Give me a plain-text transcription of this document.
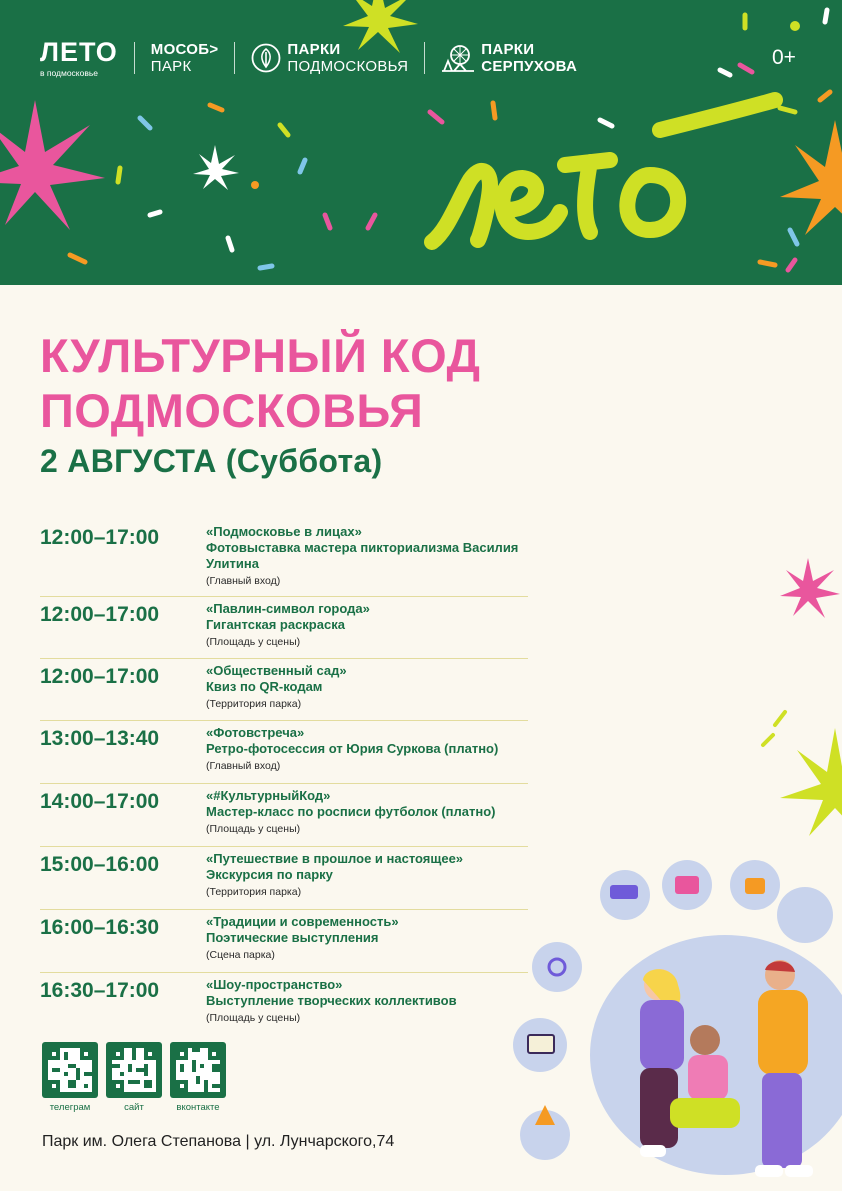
ЛЕТО
в подмосковье
МОСОБ>
ПАРК
ПАРКИ
ПОДМОСКОВЬЯ
ПАРКИ
СЕРПУХОВА	0+
КУЛЬТУРНЫЙ КОД
ПОДМОСКОВЬЯ
2 АВГУСТА (Суббота)
12:00–17:00	«Подмосковье в лицах»
Фотовыставка мастера пикториализма Василия Улитина
(Главный вход)
12:00–17:00	«Павлин-символ города»
Гигантская раскраска
(Площадь у сцены)
12:00–17:00	«Общественный сад»
Квиз по QR-кодам
(Территория парка)
13:00–13:40	«Фотовстреча»
Ретро-фотосессия от Юрия Суркова (платно)
(Главный вход)
14:00–17:00	«#КультурныйКод»
Мастер-класс по росписи футболок (платно)
(Площадь у сцены)
15:00–16:00	«Путешествие в прошлое и настоящее»
Экскурсия по парку
(Территория парка)
16:00–16:30	«Традиции и современность»
Поэтические выступления
(Сцена парка)
16:30–17:00	«Шоу-пространство»
Выступление творческих коллективов
(Площадь у сцены)
телеграм	сайт	вконтакте
Парк им. Олега Степанова | ул. Лунчарского,74
